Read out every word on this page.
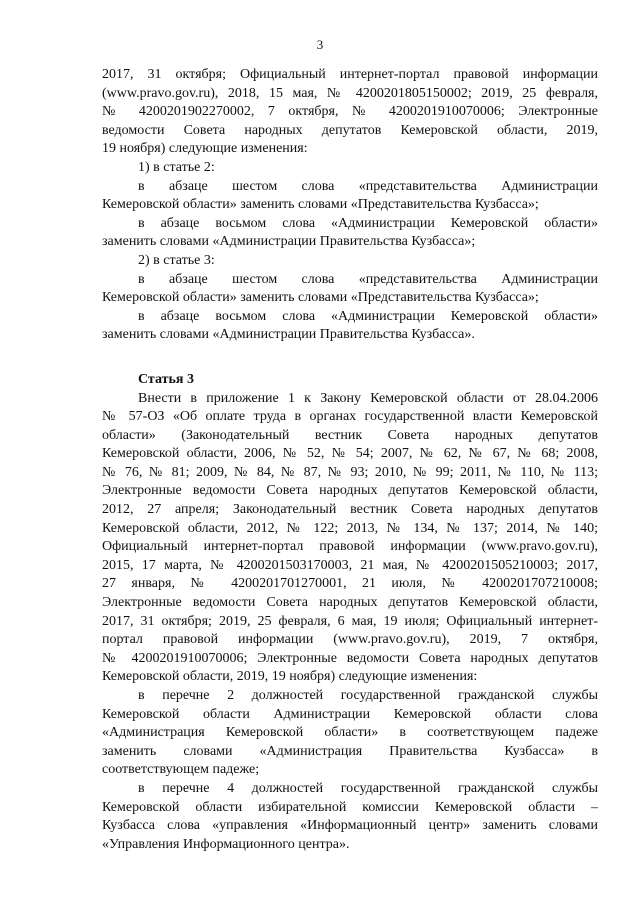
3
2017, 31 октября; Официальный интернет-портал правовой информации
(www.pravo.gov.ru), 2018, 15 мая, № 4200201805150002; 2019, 25 февраля,
№ 4200201902270002, 7 октября, № 4200201910070006; Электронные
ведомости Совета народных депутатов Кемеровской области, 2019,
19 ноября) следующие изменения:
1) в статье 2:
в абзаце шестом слова «представительства Администрации
Кемеровской области» заменить словами «Представительства Кузбасса»;
в абзаце восьмом слова «Администрации Кемеровской области»
заменить словами «Администрации Правительства Кузбасса»;
2) в статье 3:
в абзаце шестом слова «представительства Администрации
Кемеровской области» заменить словами «Представительства Кузбасса»;
в абзаце восьмом слова «Администрации Кемеровской области»
заменить словами «Администрации Правительства Кузбасса».
Статья 3
Внести в приложение 1 к Закону Кемеровской области от 28.04.2006
№ 57-ОЗ «Об оплате труда в органах государственной власти Кемеровской
области» (Законодательный вестник Совета народных депутатов
Кемеровской области, 2006, № 52, № 54; 2007, № 62, № 67, № 68; 2008,
№ 76, № 81; 2009, № 84, № 87, № 93; 2010, № 99; 2011, № 110, № 113;
Электронные ведомости Совета народных депутатов Кемеровской области,
2012, 27 апреля; Законодательный вестник Совета народных депутатов
Кемеровской области, 2012, № 122; 2013, № 134, № 137; 2014, № 140;
Официальный интернет-портал правовой информации (www.pravo.gov.ru),
2015, 17 марта, № 4200201503170003, 21 мая, № 4200201505210003; 2017,
27 января, № 4200201701270001, 21 июля, № 4200201707210008;
Электронные ведомости Совета народных депутатов Кемеровской области,
2017, 31 октября; 2019, 25 февраля, 6 мая, 19 июля; Официальный интернет-
портал правовой информации (www.pravo.gov.ru), 2019, 7 октября,
№ 4200201910070006; Электронные ведомости Совета народных депутатов
Кемеровской области, 2019, 19 ноября) следующие изменения:
в перечне 2 должностей государственной гражданской службы
Кемеровской области Администрации Кемеровской области слова
«Администрация Кемеровской области» в соответствующем падеже
заменить словами «Администрация Правительства Кузбасса» в
соответствующем падеже;
в перечне 4 должностей государственной гражданской службы
Кемеровской области избирательной комиссии Кемеровской области –
Кузбасса слова «управления «Информационный центр» заменить словами
«Управления Информационного центра».
